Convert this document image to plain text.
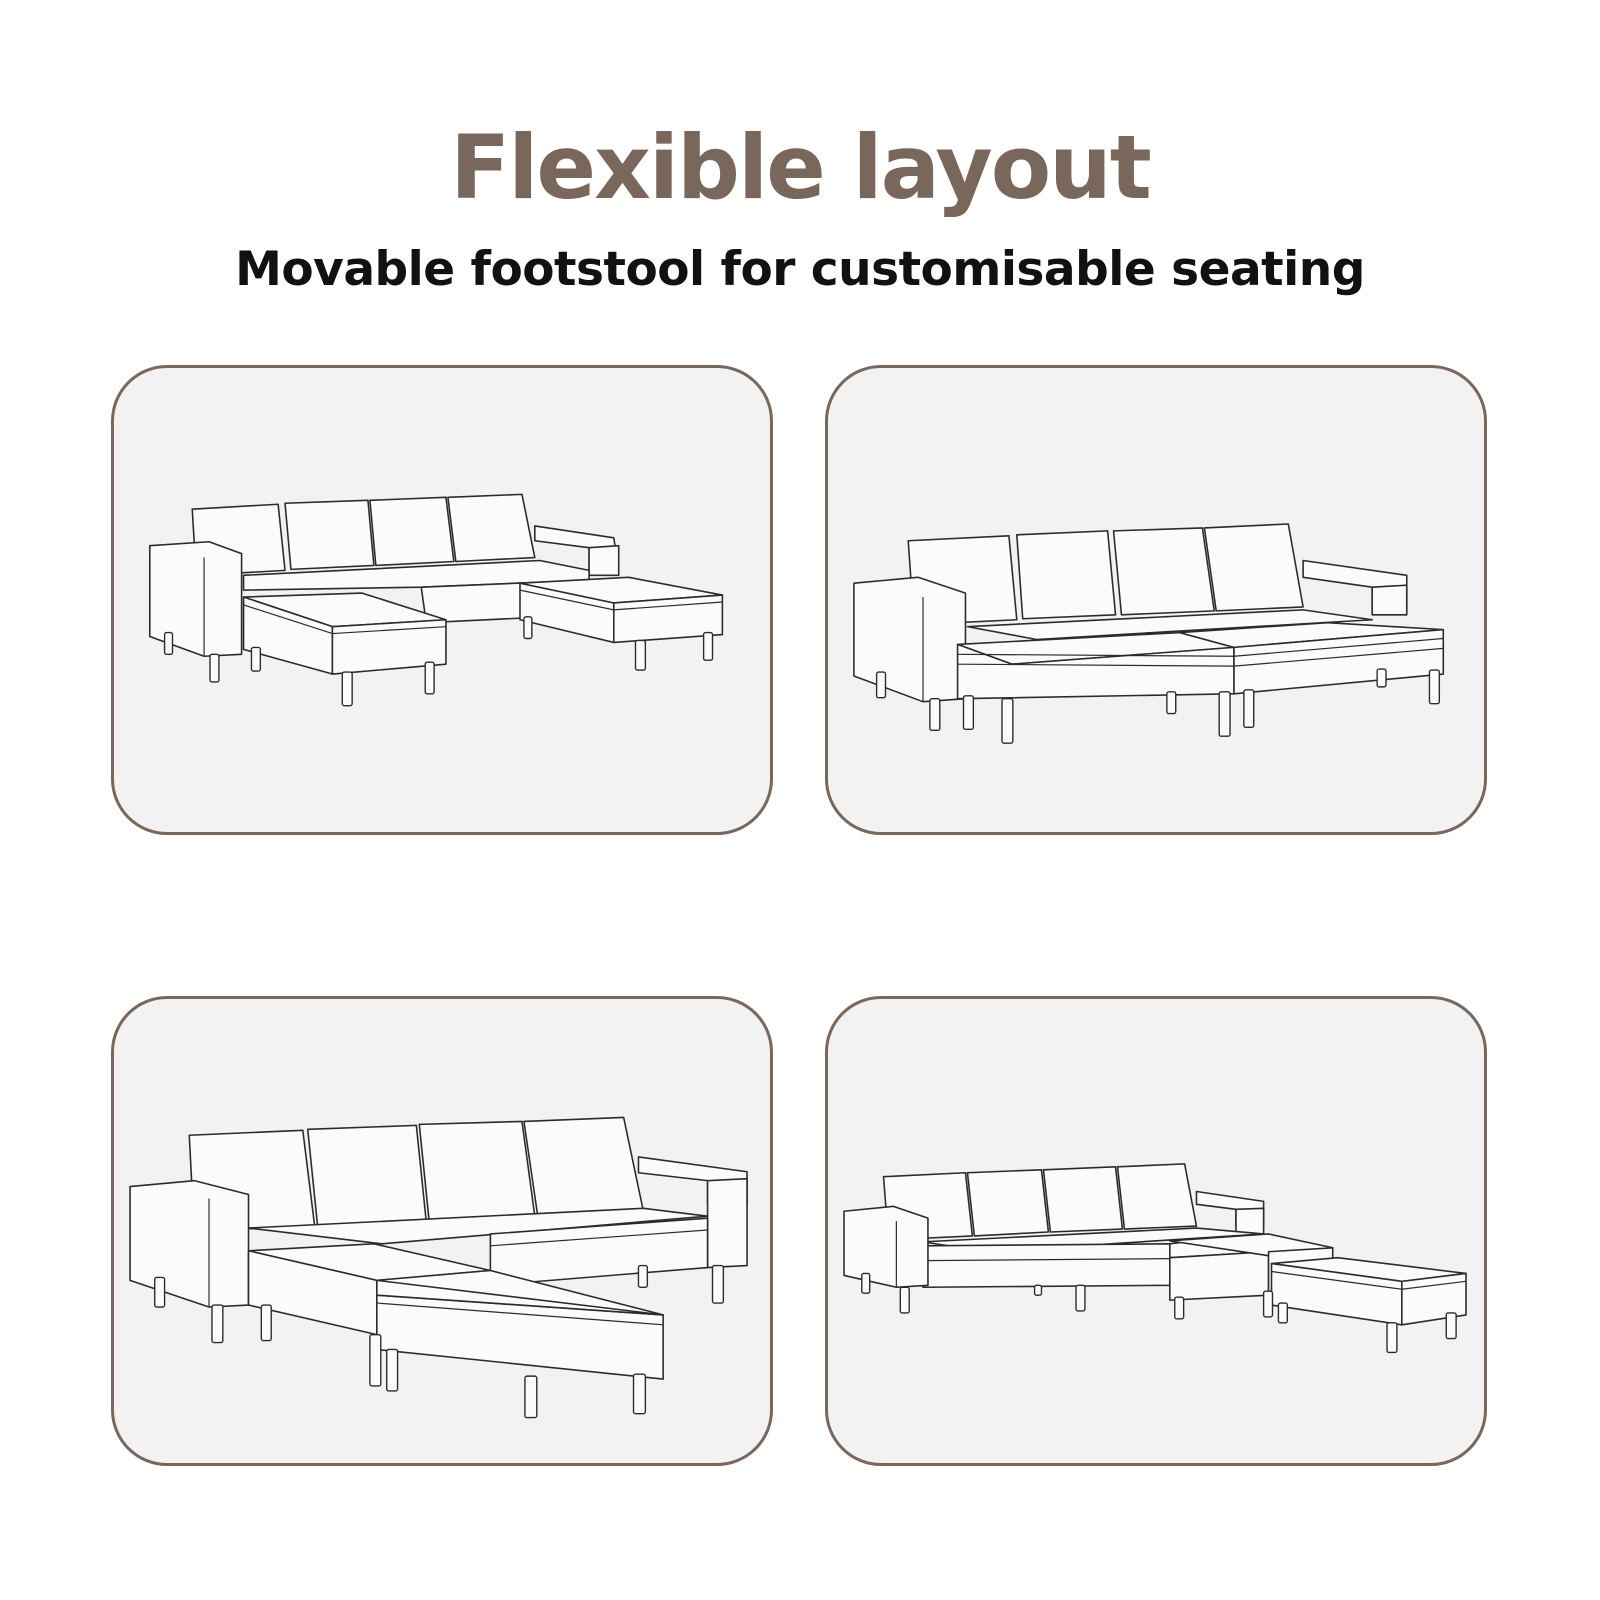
Flexible layout
Movable footstool for customisable seating
